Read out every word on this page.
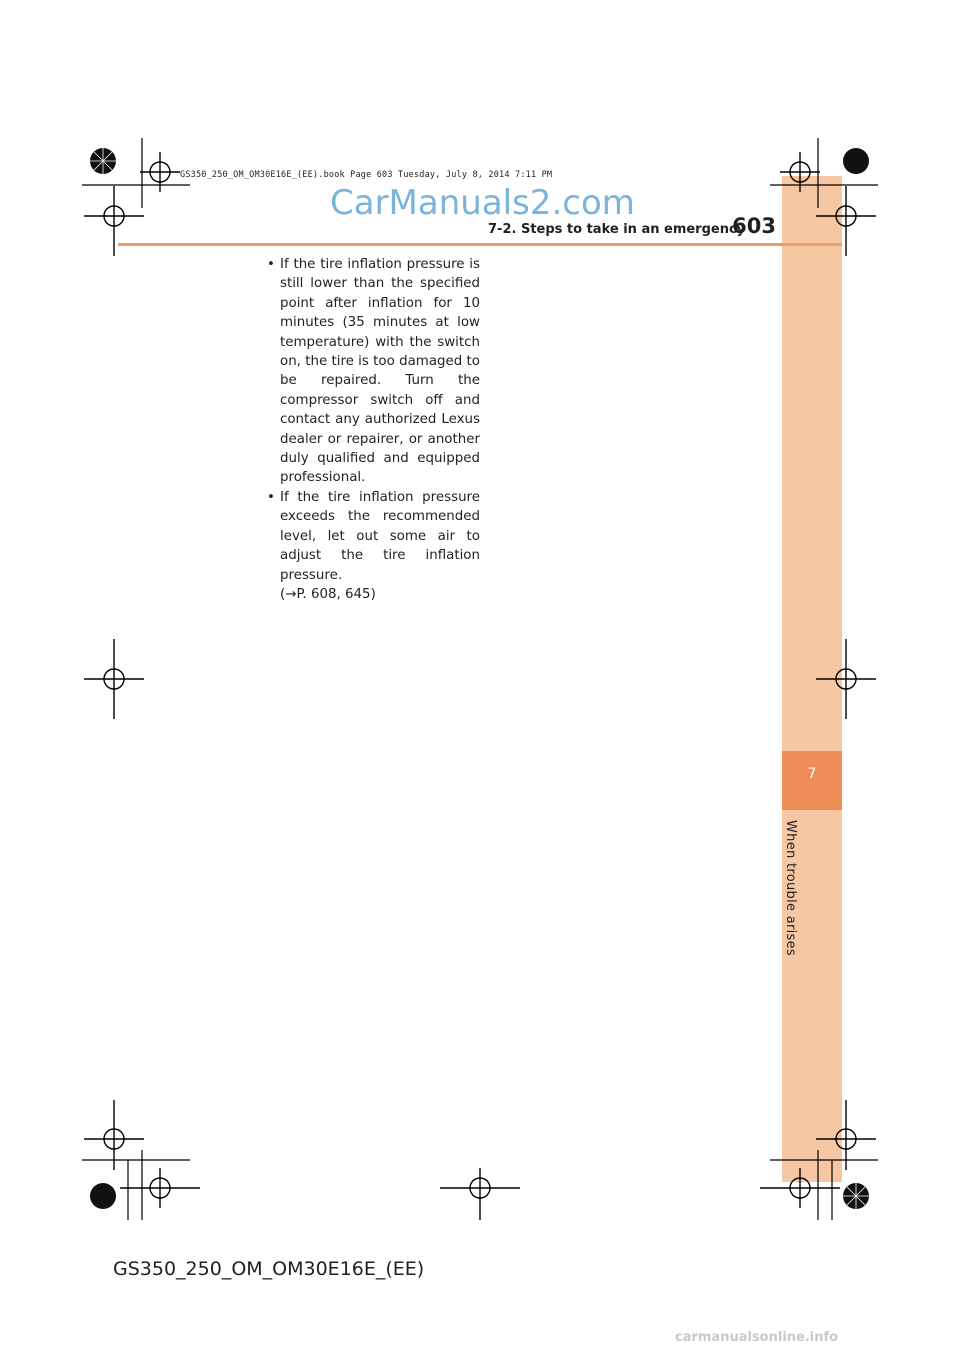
7
When trouble arises
GS350_250_OM_OM30E16E_(EE).book Page 603 Tuesday, July 8, 2014 7:11 PM
CarManuals2.com
7-2. Steps to take in an emergency
603
• If the tire inflation pressure is still lower than the specified point after inflation for 10 minutes (35 minutes at low temperature) with the switch on, the tire is too damaged to be repaired. Turn the compressor switch off and contact any authorized Lexus dealer or repairer, or another duly qualified and equipped professional.
• If the tire inflation pressure exceeds the recommended level, let out some air to adjust the tire inflation pressure.
(→P. 608, 645)
GS350_250_OM_OM30E16E_(EE)
carmanualsonline.info
